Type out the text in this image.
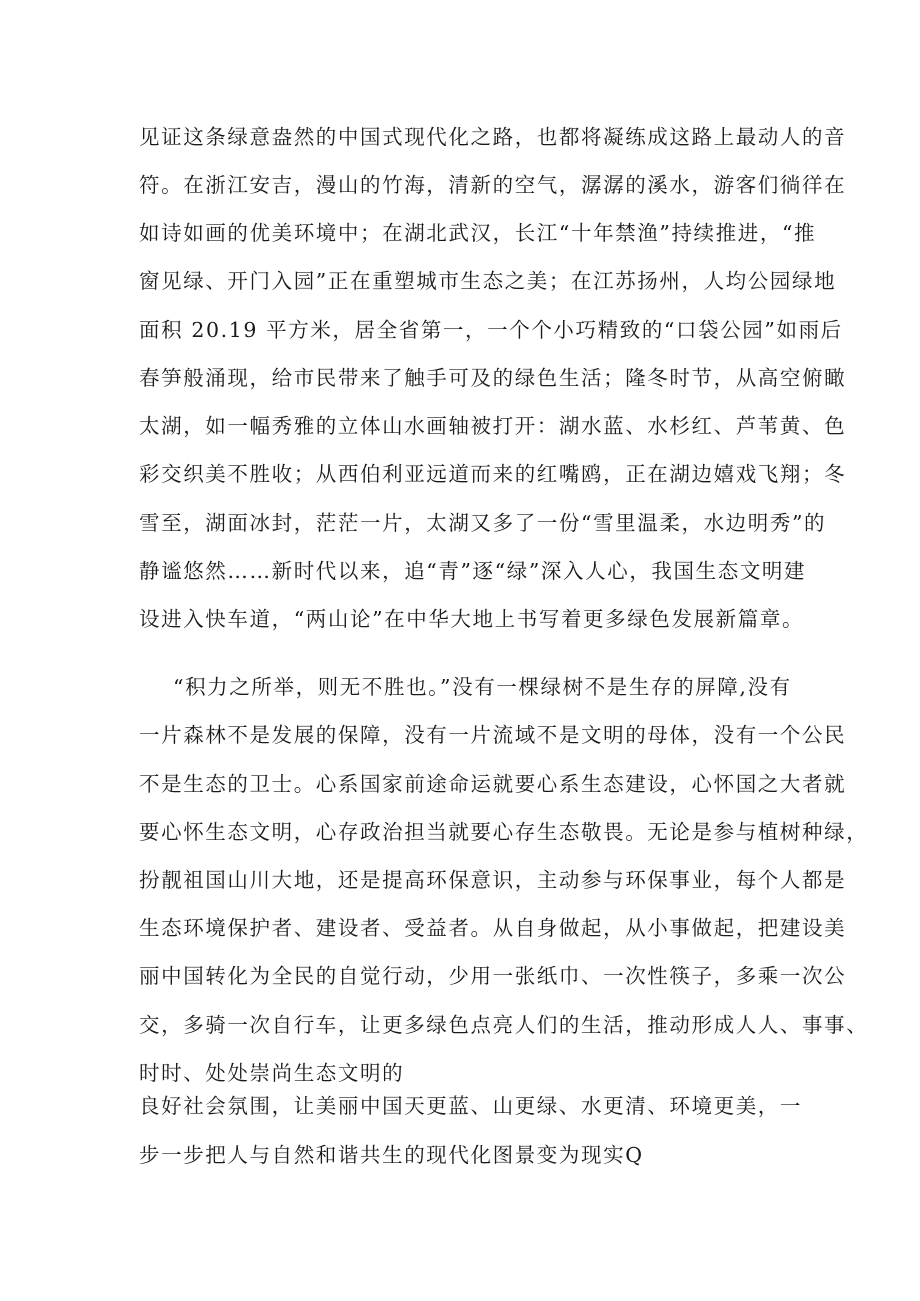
见证这条绿意盎然的中国式现代化之路，也都将凝练成这路上最动人的音
符。在浙江安吉，漫山的竹海，清新的空气，潺潺的溪水，游客们徜徉在
如诗如画的优美环境中；在湖北武汉，长江“十年禁渔”持续推进，“推
窗见绿、开门入园”正在重塑城市生态之美；在江苏扬州，人均公园绿地
面积 20.19 平方米，居全省第一，一个个小巧精致的“口袋公园”如雨后
春笋般涌现，给市民带来了触手可及的绿色生活；隆冬时节，从高空俯瞰
太湖，如一幅秀雅的立体山水画轴被打开：湖水蓝、水杉红、芦苇黄、色
彩交织美不胜收；从西伯利亚远道而来的红嘴鸥，正在湖边嬉戏飞翔；冬
雪至，湖面冰封，茫茫一片，太湖又多了一份“雪里温柔，水边明秀”的
静谧悠然……新时代以来，追“青”逐“绿”深入人心，我国生态文明建
设进入快车道，“两山论”在中华大地上书写着更多绿色发展新篇章。
“积力之所举，则无不胜也。”没有一棵绿树不是生存的屏障,没有
一片森林不是发展的保障，没有一片流域不是文明的母体，没有一个公民
不是生态的卫士。心系国家前途命运就要心系生态建设，心怀国之大者就
要心怀生态文明，心存政治担当就要心存生态敬畏。无论是参与植树种绿，
扮靓祖国山川大地，还是提高环保意识，主动参与环保事业，每个人都是
生态环境保护者、建设者、受益者。从自身做起，从小事做起，把建设美
丽中国转化为全民的自觉行动，少用一张纸巾、一次性筷子，多乘一次公
交，多骑一次自行车，让更多绿色点亮人们的生活，推动形成人人、事事、
时时、处处崇尚生态文明的
良好社会氛围，让美丽中国天更蓝、山更绿、水更清、环境更美，一
步一步把人与自然和谐共生的现代化图景变为现实Q
